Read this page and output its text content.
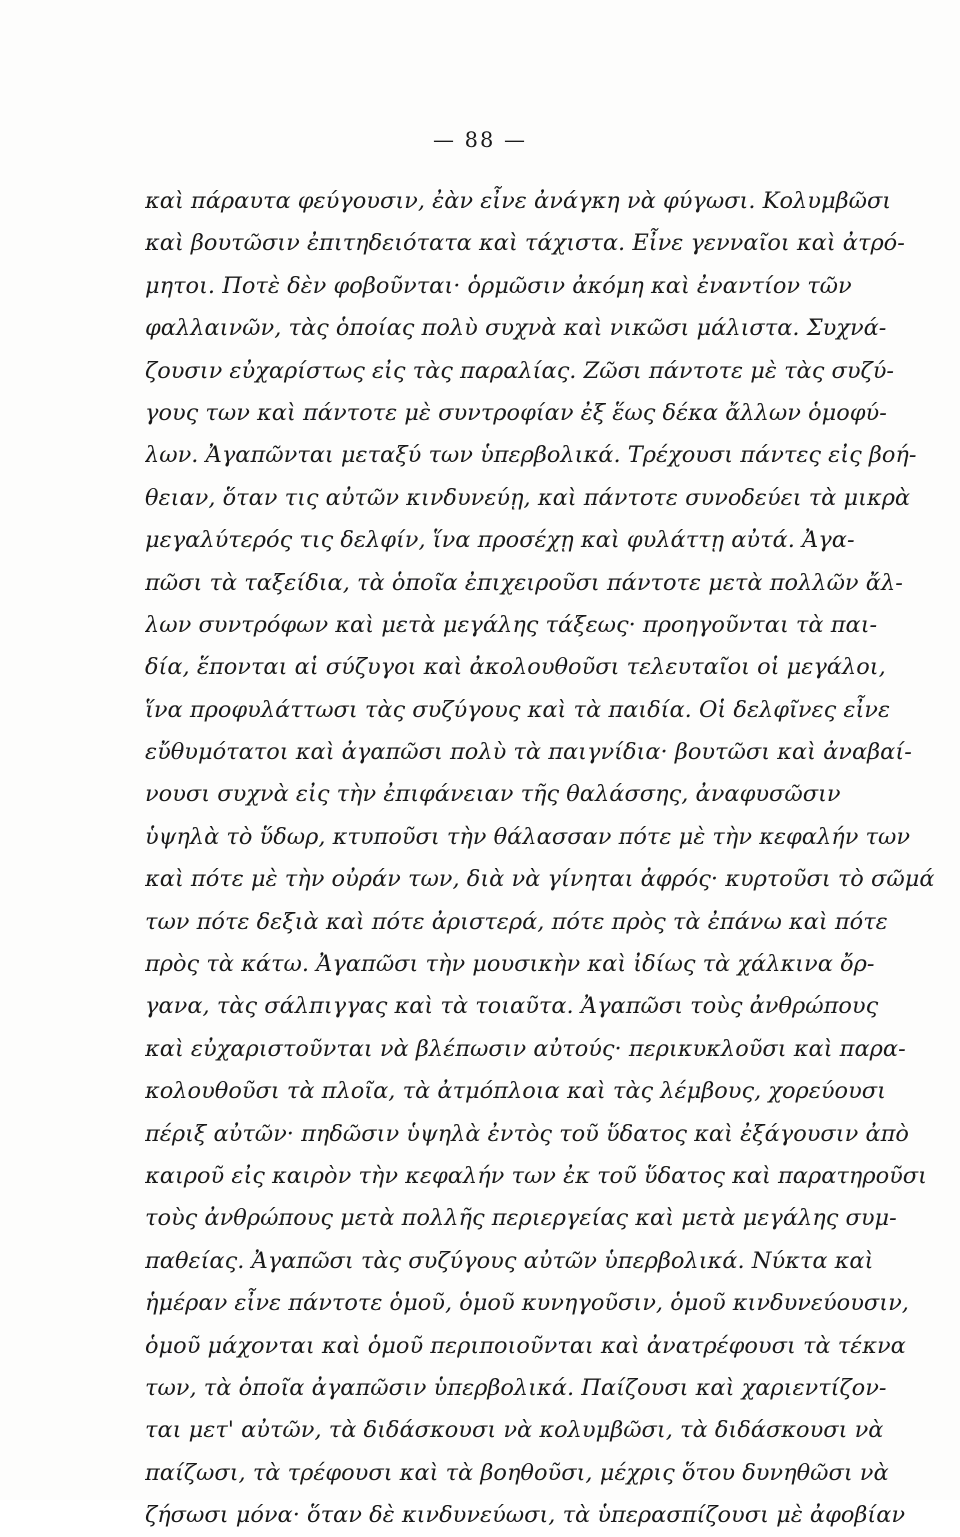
— 88 —
καὶ πάραυτα φεύγουσιν, ἐὰν εἶνε ἀνάγκη νὰ φύγωσι. Κολυμβῶσι
καὶ βουτῶσιν ἐπιτηδειότατα καὶ τάχιστα. Εἶνε γενναῖοι καὶ ἀτρό-
μητοι. Ποτὲ δὲν φοβοῦνται· ὁρμῶσιν ἀκόμη καὶ ἐναντίον τῶν
φαλλαινῶν, τὰς ὁποίας πολὺ συχνὰ καὶ νικῶσι μάλιστα. Συχνά-
ζουσιν εὐχαρίστως εἰς τὰς παραλίας. Ζῶσι πάντοτε μὲ τὰς συζύ-
γους των καὶ πάντοτε μὲ συντροφίαν ἐξ ἕως δέκα ἄλλων ὁμοφύ-
λων. Ἀγαπῶνται μεταξύ των ὑπερβολικά. Τρέχουσι πάντες εἰς βοή-
θειαν, ὅταν τις αὐτῶν κινδυνεύῃ, καὶ πάντοτε συνοδεύει τὰ μικρὰ
μεγαλύτερός τις δελφίν, ἵνα προσέχῃ καὶ φυλάττῃ αὐτά. Ἀγα-
πῶσι τὰ ταξείδια, τὰ ὁποῖα ἐπιχειροῦσι πάντοτε μετὰ πολλῶν ἄλ-
λων συντρόφων καὶ μετὰ μεγάλης τάξεως· προηγοῦνται τὰ παι-
δία, ἕπονται αἱ σύζυγοι καὶ ἀκολουθοῦσι τελευταῖοι οἱ μεγάλοι,
ἵνα προφυλάττωσι τὰς συζύγους καὶ τὰ παιδία. Οἱ δελφῖνες εἶνε
εὔθυμότατοι καὶ ἀγαπῶσι πολὺ τὰ παιγνίδια· βουτῶσι καὶ ἀναβαί-
νουσι συχνὰ εἰς τὴν ἐπιφάνειαν τῆς θαλάσσης, ἀναφυσῶσιν
ὑψηλὰ τὸ ὕδωρ, κτυποῦσι τὴν θάλασσαν πότε μὲ τὴν κεφαλήν των
καὶ πότε μὲ τὴν οὐράν των, διὰ νὰ γίνηται ἀφρός· κυρτοῦσι τὸ σῶμά
των πότε δεξιὰ καὶ πότε ἀριστερά, πότε πρὸς τὰ ἐπάνω καὶ πότε
πρὸς τὰ κάτω. Ἀγαπῶσι τὴν μουσικὴν καὶ ἰδίως τὰ χάλκινα ὄρ-
γανα, τὰς σάλπιγγας καὶ τὰ τοιαῦτα. Ἀγαπῶσι τοὺς ἀνθρώπους
καὶ εὐχαριστοῦνται νὰ βλέπωσιν αὐτούς· περικυκλοῦσι καὶ παρα-
κολουθοῦσι τὰ πλοῖα, τὰ ἀτμόπλοια καὶ τὰς λέμβους, χορεύουσι
πέριξ αὐτῶν· πηδῶσιν ὑψηλὰ ἐντὸς τοῦ ὕδατος καὶ ἐξάγουσιν ἀπὸ
καιροῦ εἰς καιρὸν τὴν κεφαλήν των ἐκ τοῦ ὕδατος καὶ παρατηροῦσι
τοὺς ἀνθρώπους μετὰ πολλῆς περιεργείας καὶ μετὰ μεγάλης συμ-
παθείας. Ἀγαπῶσι τὰς συζύγους αὐτῶν ὑπερβολικά. Νύκτα καὶ
ἡμέραν εἶνε πάντοτε ὁμοῦ, ὁμοῦ κυνηγοῦσιν, ὁμοῦ κινδυνεύουσιν,
ὁμοῦ μάχονται καὶ ὁμοῦ περιποιοῦνται καὶ ἀνατρέφουσι τὰ τέκνα
των, τὰ ὁποῖα ἀγαπῶσιν ὑπερβολικά. Παίζουσι καὶ χαριεντίζον-
ται μετ' αὐτῶν, τὰ διδάσκουσι νὰ κολυμβῶσι, τὰ διδάσκουσι νὰ
παίζωσι, τὰ τρέφουσι καὶ τὰ βοηθοῦσι, μέχρις ὅτου δυνηθῶσι νὰ
ζήσωσι μόνα· ὅταν δὲ κινδυνεύωσι, τὰ ὑπερασπίζουσι μὲ ἀφοβίαν
